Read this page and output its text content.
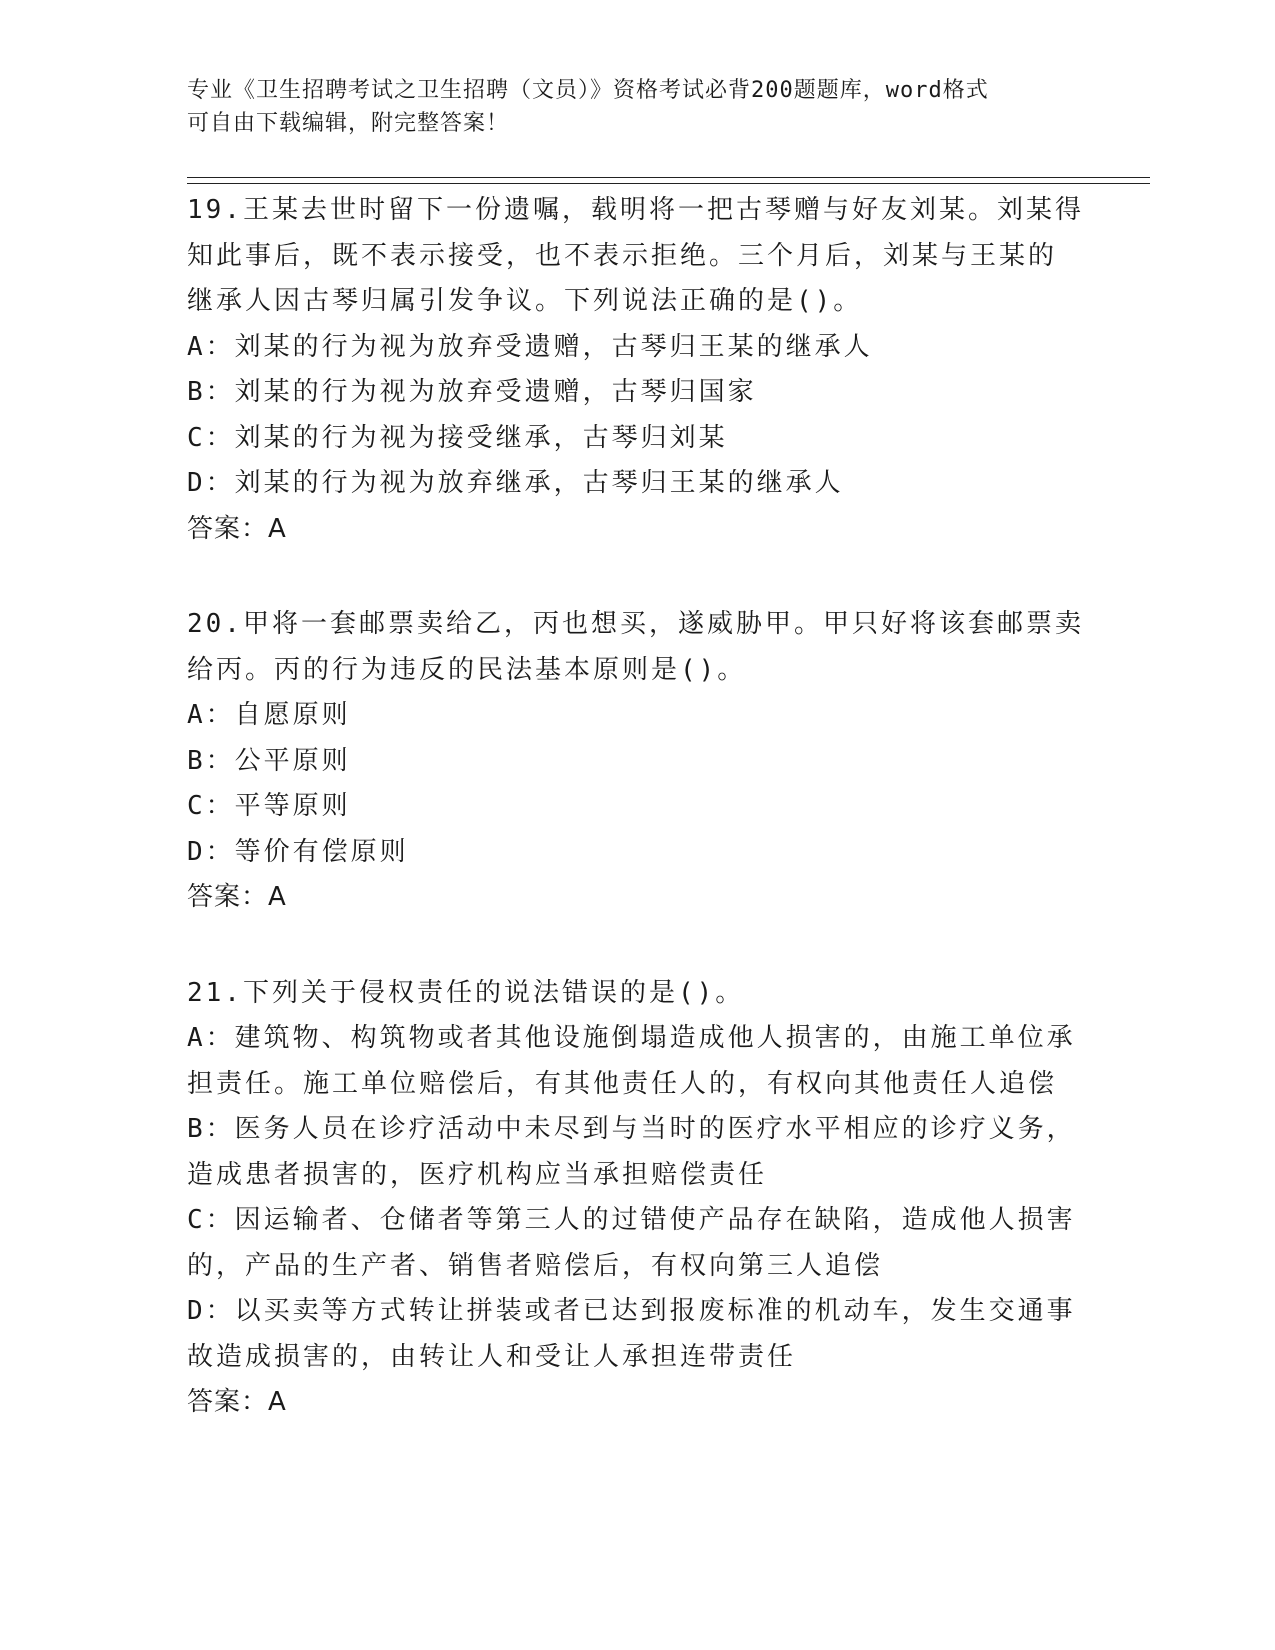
专业《卫生招聘考试之卫生招聘（文员）》资格考试必背200题题库，word格式
可自由下载编辑，附完整答案！
19.王某去世时留下一份遗嘱，载明将一把古琴赠与好友刘某。刘某得
知此事后，既不表示接受，也不表示拒绝。三个月后，刘某与王某的
继承人因古琴归属引发争议。下列说法正确的是()。
A：刘某的行为视为放弃受遗赠，古琴归王某的继承人
B：刘某的行为视为放弃受遗赠，古琴归国家
C：刘某的行为视为接受继承，古琴归刘某
D：刘某的行为视为放弃继承，古琴归王某的继承人
答案：A
20.甲将一套邮票卖给乙，丙也想买，遂威胁甲。甲只好将该套邮票卖
给丙。丙的行为违反的民法基本原则是()。
A：自愿原则
B：公平原则
C：平等原则
D：等价有偿原则
答案：A
21.下列关于侵权责任的说法错误的是()。
A：建筑物、构筑物或者其他设施倒塌造成他人损害的，由施工单位承
担责任。施工单位赔偿后，有其他责任人的，有权向其他责任人追偿
B：医务人员在诊疗活动中未尽到与当时的医疗水平相应的诊疗义务，
造成患者损害的，医疗机构应当承担赔偿责任
C：因运输者、仓储者等第三人的过错使产品存在缺陷，造成他人损害
的，产品的生产者、销售者赔偿后，有权向第三人追偿
D：以买卖等方式转让拼装或者已达到报废标准的机动车，发生交通事
故造成损害的，由转让人和受让人承担连带责任
答案：A
